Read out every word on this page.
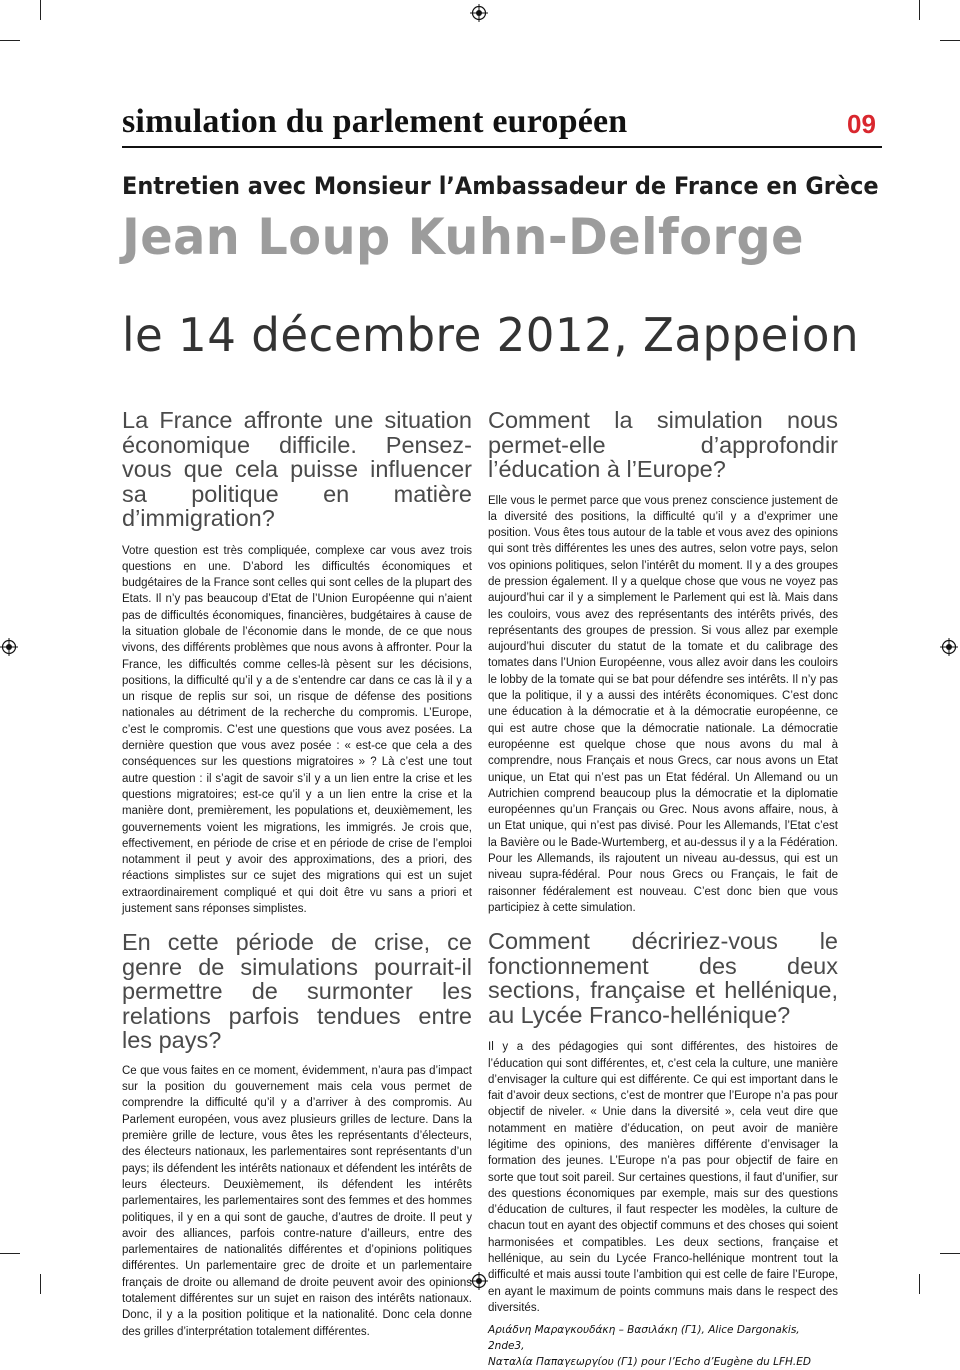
simulation du parlement européen	09
Entretien avec Monsieur l’Ambassadeur de France en Grèce
Jean Loup Kuhn-Delforge
le 14 décembre 2012, Zappeion

La France affronte une situation économique difficile. Pensez-vous que cela puisse influencer sa politique en matière d’immigration?

Votre question est très compliquée, complexe car vous avez trois questions en une. D’abord les difficultés économiques et budgétaires de la France sont celles qui sont celles de la plupart des Etats. Il n’y pas beaucoup d’Etat de l’Union Européenne qui n’aient pas de difficultés économiques, financières, budgétaires à cause de la situation globale de l’économie dans le monde, de ce que nous vivons, des différents problèmes que nous avons à affronter. Pour la France, les difficultés comme celles-là pèsent sur les décisions, positions, la difficulté qu’il y a de s’entendre car dans ce cas là il y a un risque de replis sur soi, un risque de défense des positions nationales au détriment de la recherche du compromis. L’Europe, c’est le compromis. C’est une questions que vous avez posées. La dernière question que vous avez posée : « est-ce que cela a des conséquences sur les questions migratoires » ? Là c’est une tout autre question : il s’agit de savoir s’il y a un lien entre la crise et les questions migratoires; est-ce qu’il y a un lien entre la crise et la manière dont, premièrement, les populations et, deuxièmement, les gouvernements voient les migrations, les immigrés. Je crois que, effectivement, en période de crise et en période de crise de l’emploi notamment il peut y avoir des approximations, des a priori, des réactions simplistes sur ce sujet des migrations qui est un sujet extraordinairement compliqué et qui doit être vu sans a priori et justement sans réponses simplistes.

En cette période de crise, ce genre de simulations pourrait-il permettre de surmonter les relations parfois tendues entre les pays?

Ce que vous faites en ce moment, évidemment, n’aura pas d’impact sur la position du gouvernement mais cela vous permet de comprendre la difficulté qu’il y a d’arriver à des compromis. Au Parlement européen, vous avez plusieurs grilles de lecture. Dans la première grille de lecture, vous êtes les représentants d’électeurs, des électeurs nationaux, les parlementaires sont représentants d’un pays; ils défendent les intérêts nationaux et défendent les intérêts de leurs électeurs. Deuxièmement, ils défendent les intérêts parlementaires, les parlementaires sont des femmes et des hommes politiques, il y en a qui sont de gauche, d’autres de droite. Il peut y avoir des alliances, parfois contre-nature d’ailleurs, entre des parlementaires de nationalités différentes et d’opinions politiques différentes. Un parlementaire grec de droite et un parlementaire français de droite ou allemand de droite peuvent avoir des opinions totalement différentes sur un sujet en raison des intérêts nationaux. Donc, il y a la position politique et la nationalité. Donc cela donne des grilles d’interprétation totalement différentes.

Comment la simulation nous permet-elle d’approfondir l’éducation à l’Europe?

Elle vous le permet parce que vous prenez conscience justement de la diversité des positions, la difficulté qu’il y a d’exprimer une position. Vous êtes tous autour de la table et vous avez des opinions qui sont très différentes les unes des autres, selon votre pays, selon vos opinions politiques, selon l’intérêt du moment. Il y a des groupes de pression également. Il y a quelque chose que vous ne voyez pas aujourd’hui car il y a simplement le Parlement qui est là. Mais dans les couloirs, vous avez des représentants des intérêts privés, des représentants des groupes de pression. Si vous allez par exemple aujourd’hui discuter du statut de la tomate et du calibrage des tomates dans l’Union Européenne, vous allez avoir dans les couloirs le lobby de la tomate qui se bat pour défendre ses intérêts. Il n’y pas que la politique, il y a aussi des intérêts économiques. C’est donc une éducation à la démocratie et à la démocratie européenne, ce qui est autre chose que la démocratie nationale. La démocratie européenne est quelque chose que nous avons du mal à comprendre, nous Français et nous Grecs, car nous avons un Etat unique, un Etat qui n’est pas un Etat fédéral. Un Allemand ou un Autrichien comprend beaucoup plus la démocratie et la diplomatie européennes qu’un Français ou Grec. Nous avons affaire, nous, à un Etat unique, qui n’est pas divisé. Pour les Allemands, l’Etat c’est la Bavière ou le Bade-Wurtemberg, et au-dessus il y a la Fédération. Pour les Allemands, ils rajoutent un niveau au-dessus, qui est un niveau supra-fédéral. Pour nous Grecs ou Français, le fait de raisonner fédéralement est nouveau. C’est donc bien que vous participiez à cette simulation.

Comment décririez-vous le fonctionnement des deux sections, française et hellénique, au Lycée Franco-hellénique?

Il y a des pédagogies qui sont différentes, des histoires de l’éducation qui sont différentes, et, c’est cela la culture, une manière d’envisager la culture qui est différente. Ce qui est important dans le fait d’avoir deux sections, c’est de montrer que l’Europe n’a pas pour objectif de niveler. « Unie dans la diversité », cela veut dire que notamment en matière d’éducation, on peut avoir de manière légitime des opinions, des manières différente d’envisager la formation des jeunes. L’Europe n’a pas pour objectif de faire en sorte que tout soit pareil. Sur certaines questions, il faut d’unifier, sur des questions économiques par exemple, mais sur des questions d’éducation de cultures, il faut respecter les modèles, la culture de chacun tout en ayant des objectif communs et des choses qui soient harmonisées et compatibles. Les deux sections, française et hellénique, au sein du Lycée Franco-hellénique montrent tout la difficulté et mais aussi toute l’ambition qui est celle de faire l’Europe, en ayant le maximum de points communs mais dans le respect des diversités.

Αριάδνη Μαραγκουδάκη – Βασιλάκη (Γ1), Alice Dargonakis, 2nde3,
Ναταλία Παπαγεωργίου (Γ1) pour l’Echo d’Eugène du LFH.ED
